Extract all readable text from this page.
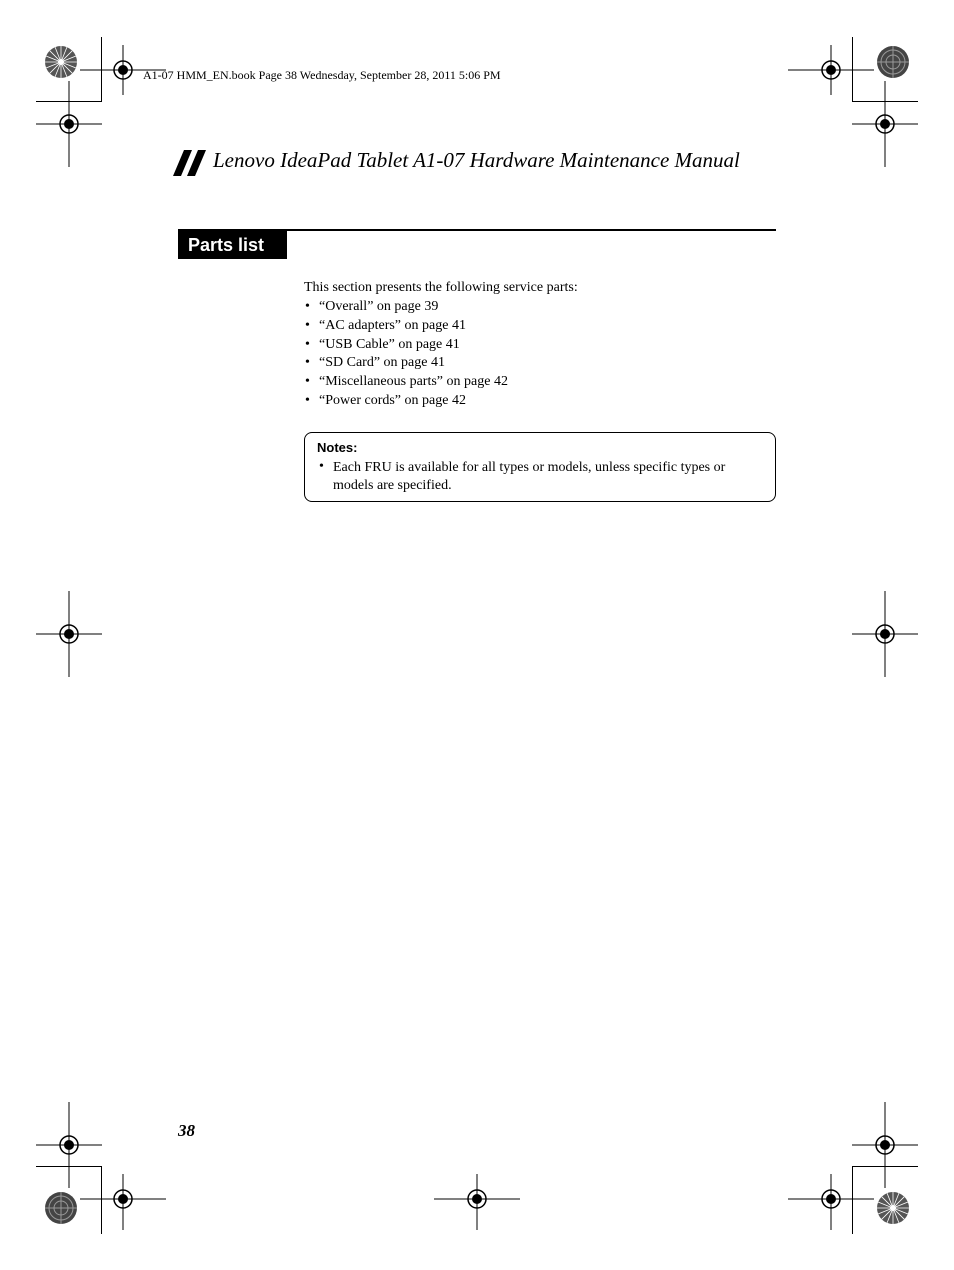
A1-07 HMM_EN.book Page 38 Wednesday, September 28, 2011 5:06 PM
Lenovo IdeaPad Tablet A1-07 Hardware Maintenance Manual
Parts list
This section presents the following service parts:
• “Overall” on page 39
• “AC adapters” on page 41
• “USB Cable” on page 41
• “SD Card” on page 41
• “Miscellaneous parts” on page 42
• “Power cords” on page 42
Notes:
• Each FRU is available for all types or models, unless specific types or models are specified.
38
